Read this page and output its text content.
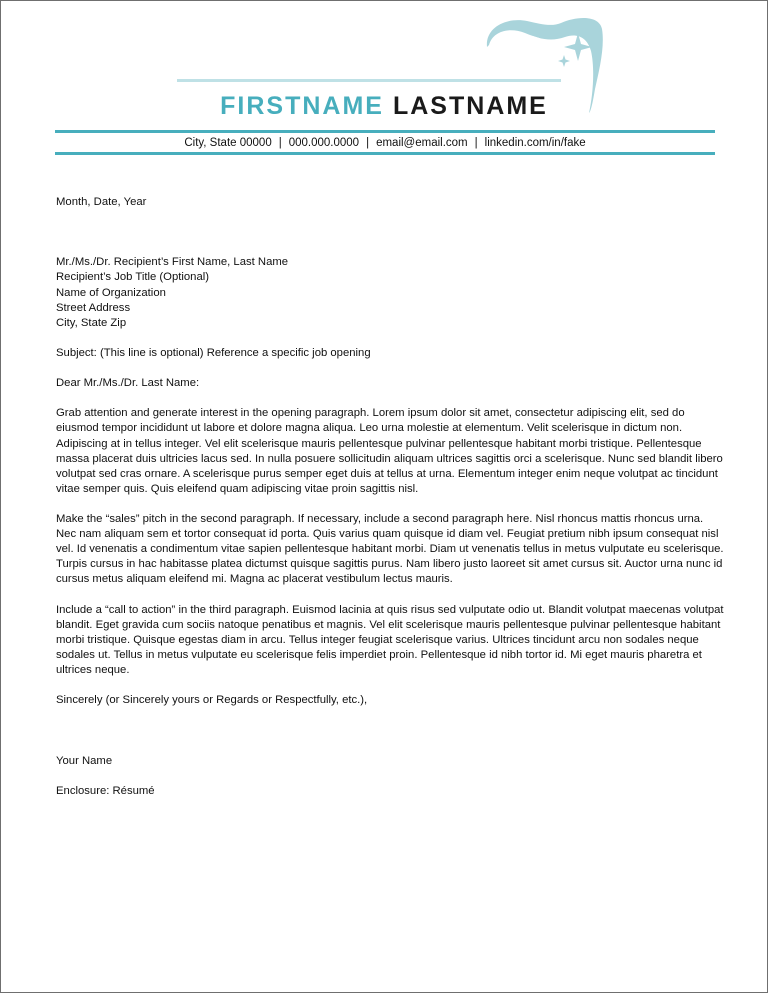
FIRSTNAME LASTNAME
City, State 00000 | 000.000.0000 | email@email.com | linkedin.com/in/fake

Month, Date, Year

Mr./Ms./Dr. Recipient’s First Name, Last Name

Recipient’s Job Title (Optional)

Name of Organization

Street Address

City, State Zip

Subject: (This line is optional) Reference a specific job opening

Dear Mr./Ms./Dr. Last Name:

Grab attention and generate interest in the opening paragraph. Lorem ipsum dolor sit amet, consectetur adipiscing elit, sed do eiusmod tempor incididunt ut labore et dolore magna aliqua. Leo urna molestie at elementum. Velit scelerisque in dictum non. Adipiscing at in tellus integer. Vel elit scelerisque mauris pellentesque pulvinar pellentesque habitant morbi tristique. Pellentesque massa placerat duis ultricies lacus sed. In nulla posuere sollicitudin aliquam ultrices sagittis orci a scelerisque. Nunc sed blandit libero volutpat sed cras ornare. A scelerisque purus semper eget duis at tellus at urna. Elementum integer enim neque volutpat ac tincidunt vitae semper quis. Quis eleifend quam adipiscing vitae proin sagittis nisl.

Make the “sales” pitch in the second paragraph. If necessary, include a second paragraph here. Nisl rhoncus mattis rhoncus urna. Nec nam aliquam sem et tortor consequat id porta. Quis varius quam quisque id diam vel. Feugiat pretium nibh ipsum consequat nisl vel. Id venenatis a condimentum vitae sapien pellentesque habitant morbi. Diam ut venenatis tellus in metus vulputate eu scelerisque. Turpis cursus in hac habitasse platea dictumst quisque sagittis purus. Nam libero justo laoreet sit amet cursus sit. Auctor urna nunc id cursus metus aliquam eleifend mi. Magna ac placerat vestibulum lectus mauris.

Include a “call to action” in the third paragraph. Euismod lacinia at quis risus sed vulputate odio ut. Blandit volutpat maecenas volutpat blandit. Eget gravida cum sociis natoque penatibus et magnis. Vel elit scelerisque mauris pellentesque pulvinar pellentesque habitant morbi tristique. Quisque egestas diam in arcu. Tellus integer feugiat scelerisque varius. Ultrices tincidunt arcu non sodales neque sodales ut. Tellus in metus vulputate eu scelerisque felis imperdiet proin. Pellentesque id nibh tortor id. Mi eget mauris pharetra et ultrices neque.

Sincerely (or Sincerely yours or Regards or Respectfully, etc.),

Your Name

Enclosure: Résumé
